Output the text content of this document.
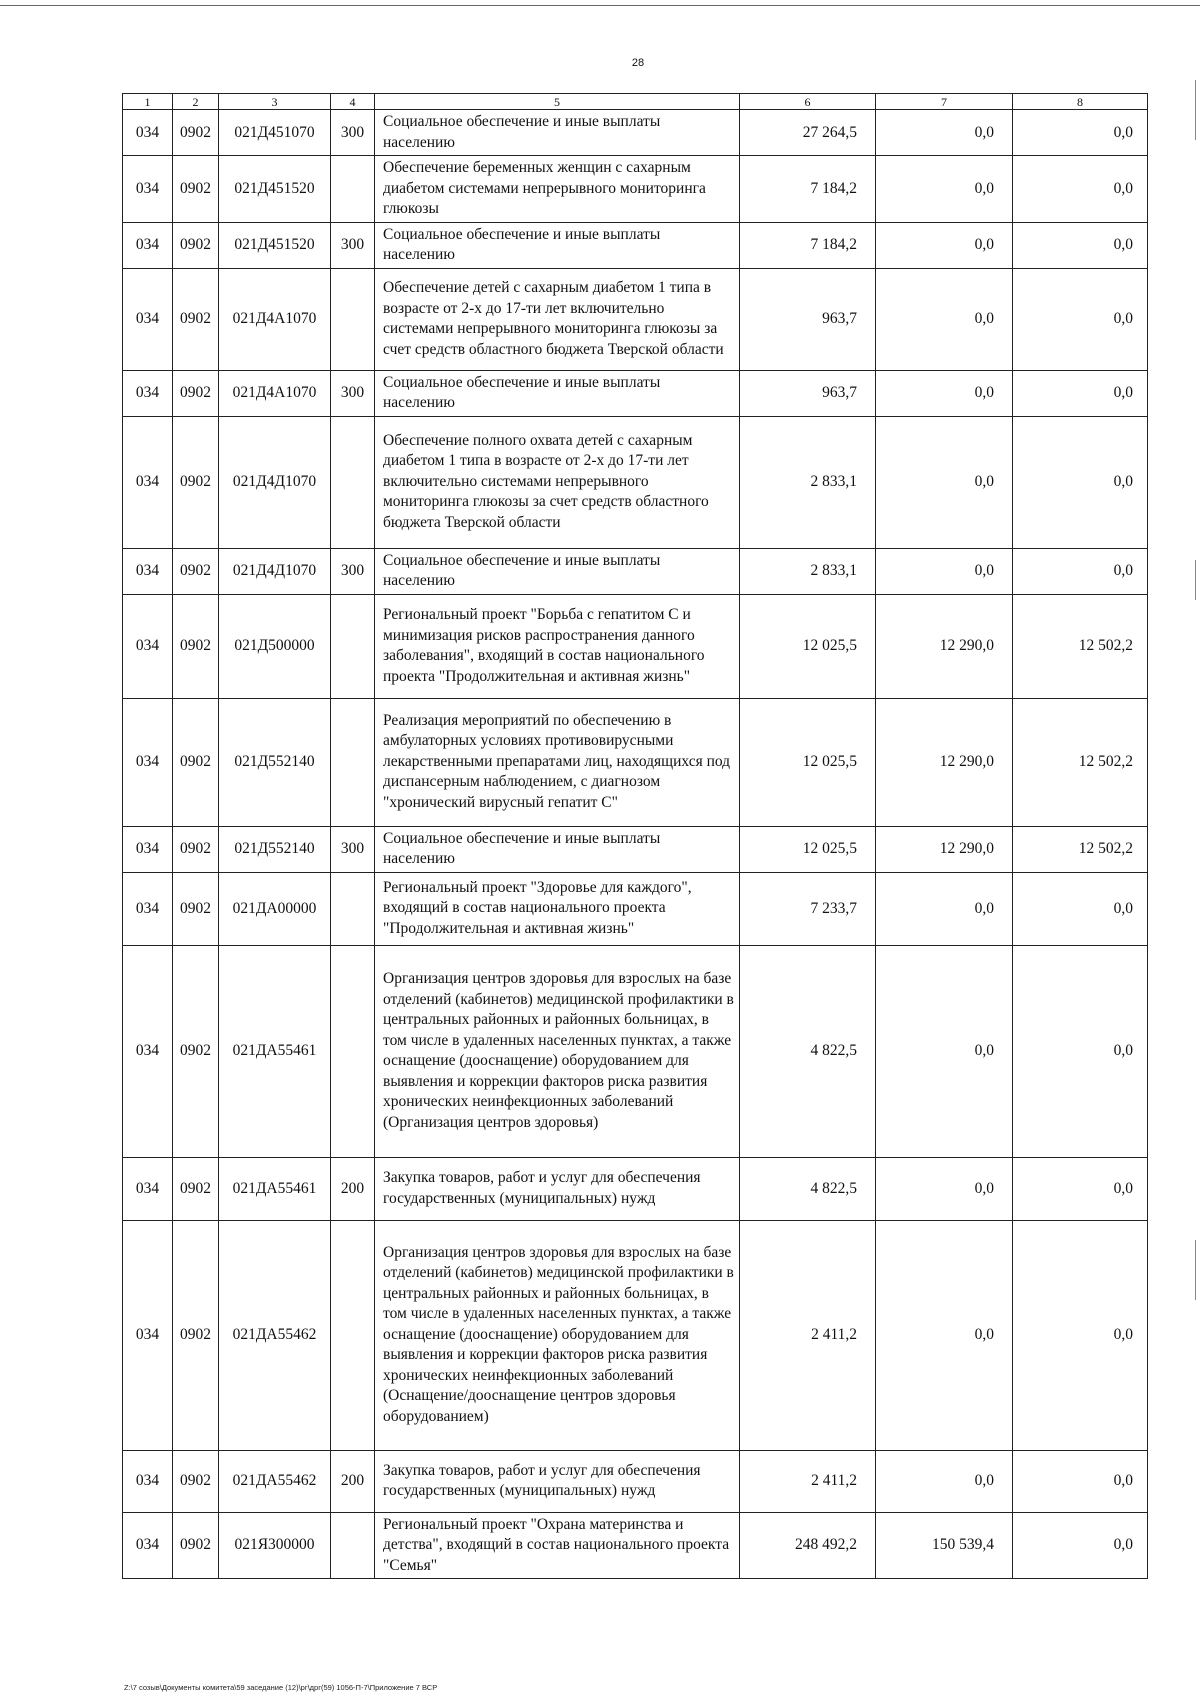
28
1	2	3	4	5	6	7	8
034	0902	021Д451070	300	Социальное обеспечение и иные выплаты населению	27 264,5	0,0	0,0
034	0902	021Д451520		Обеспечение беременных женщин с сахарным диабетом системами непрерывного мониторинга глюкозы	7 184,2	0,0	0,0
034	0902	021Д451520	300	Социальное обеспечение и иные выплаты населению	7 184,2	0,0	0,0
034	0902	021Д4А1070		Обеспечение детей с сахарным диабетом 1 типа в возрасте от 2-х до 17-ти лет включительно системами непрерывного мониторинга глюкозы за счет средств областного бюджета Тверской области	963,7	0,0	0,0
034	0902	021Д4А1070	300	Социальное обеспечение и иные выплаты населению	963,7	0,0	0,0
034	0902	021Д4Д1070		Обеспечение полного охвата детей с сахарным диабетом 1 типа в возрасте от 2-х до 17-ти лет включительно системами непрерывного мониторинга глюкозы за счет средств областного бюджета Тверской области	2 833,1	0,0	0,0
034	0902	021Д4Д1070	300	Социальное обеспечение и иные выплаты населению	2 833,1	0,0	0,0
034	0902	021Д500000		Региональный проект "Борьба с гепатитом С и минимизация рисков распространения данного заболевания", входящий в состав национального проекта "Продолжительная и активная жизнь"	12 025,5	12 290,0	12 502,2
034	0902	021Д552140		Реализация мероприятий по обеспечению в амбулаторных условиях противовирусными лекарственными препаратами лиц, находящихся под диспансерным наблюдением, с диагнозом "хронический вирусный гепатит С"	12 025,5	12 290,0	12 502,2
034	0902	021Д552140	300	Социальное обеспечение и иные выплаты населению	12 025,5	12 290,0	12 502,2
034	0902	021ДА00000		Региональный проект "Здоровье для каждого", входящий в состав национального проекта "Продолжительная и активная жизнь"	7 233,7	0,0	0,0
034	0902	021ДА55461		Организация центров здоровья для взрослых на базе отделений (кабинетов) медицинской профилактики в центральных районных и районных больницах, в том числе в удаленных населенных пунктах, а также оснащение (дооснащение) оборудованием для выявления и коррекции факторов риска развития хронических неинфекционных заболеваний (Организация центров здоровья)	4 822,5	0,0	0,0
034	0902	021ДА55461	200	Закупка товаров, работ и услуг для обеспечения государственных (муниципальных) нужд	4 822,5	0,0	0,0
034	0902	021ДА55462		Организация центров здоровья для взрослых на базе отделений (кабинетов) медицинской профилактики в центральных районных и районных больницах, в том числе в удаленных населенных пунктах, а также оснащение (дооснащение) оборудованием для выявления и коррекции факторов риска развития хронических неинфекционных заболеваний (Оснащение/дооснащение центров здоровья оборудованием)	2 411,2	0,0	0,0
034	0902	021ДА55462	200	Закупка товаров, работ и услуг для обеспечения государственных (муниципальных) нужд	2 411,2	0,0	0,0
034	0902	021Я300000		Региональный проект "Охрана материнства и детства", входящий в состав национального проекта "Семья"	248 492,2	150 539,4	0,0
Z:\7 созыв\Документы комитета\59 заседание (12)\рг\дрг(59) 1056-П-7\Приложение 7 ВСР
